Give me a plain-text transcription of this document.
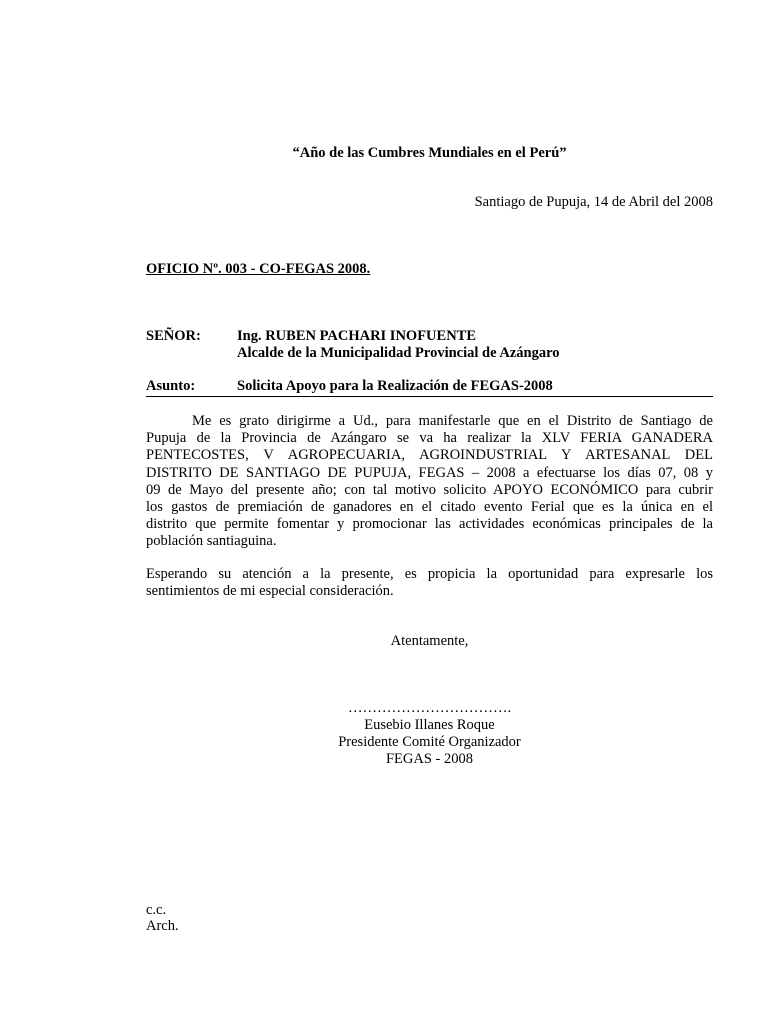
“Año de las Cumbres Mundiales en el Perú”
Santiago de Pupuja, 14 de Abril del 2008
OFICIO Nº. 003 - CO-FEGAS 2008.
SEÑOR: Ing. RUBEN PACHARI INOFUENTE
Alcalde de la Municipalidad Provincial de Azángaro
Asunto:	Solicita Apoyo para la Realización de FEGAS-2008
Me es grato dirigirme a Ud., para manifestarle que en el Distrito de Santiago de
Pupuja de la Provincia de Azángaro se va ha realizar la XLV FERIA GANADERA
PENTECOSTES, V AGROPECUARIA, AGROINDUSTRIAL Y ARTESANAL DEL
DISTRITO DE SANTIAGO DE PUPUJA, FEGAS – 2008 a efectuarse los días 07, 08 y
09 de Mayo del presente año; con tal motivo solicito APOYO ECONÓMICO para cubrir
los gastos de premiación de ganadores en el citado evento Ferial que es la única en el
distrito que permite fomentar y promocionar las actividades económicas principales de la
población santiaguina.
Esperando su atención a la presente, es propicia la oportunidad para expresarle los
sentimientos de mi especial consideración.
Atentamente,
…………………………….
Eusebio Illanes Roque
Presidente Comité Organizador
FEGAS - 2008
c.c.
Arch.
